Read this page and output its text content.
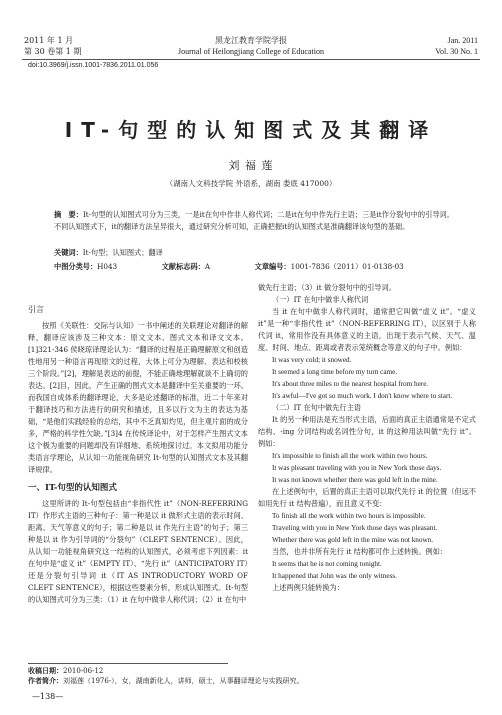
2011 年 1 月
第 30 卷第 1 期
黑龙江教育学院学报
Journal of Heilongjiang College of Education
Jan. 2011
Vol. 30 No. 1
doi:10.3969/j.issn.1001-7836.2011.01.056
IT-句型的认知图式及其翻译
刘 福 莲
（湖南人文科技学院 外语系，湖南 娄底 417000）
摘　要：It-句型的认知图式可分为三类，一是it在句中作非人称代词；二是it在句中作先行主语；三是it作分裂句中的引导词。不同认知图式下，it的翻译方法呈异很大，通过研究分析可知，正确把握it的认知图式是准确翻译该句型的基础。
关键词：It-句型；认知图式；翻译
中图分类号：H043	文献标志码：A	文章编号：1001-7836（2011）01-0138-03
引言

按照《关联性：交际与认知》一书中阐述的关联理论对翻译的解释，翻译应该涉及三种文本：原文文本、图式文本和译文文本。[1]321-346 侯晓琼译理论认为：“翻译的过程是正确理解原文和创造性地用另一种语言再现原文的过程，大体上可分为理解、表达和校核三个阶段。”[2]，理解是表达的前提，不能正确地理解就谈不上确切的表达。[2]目，因此，产生正确的图式文本是翻译中至关重要的一环。而我国自成体系的翻译理论，大多是论述翻译的标准，近二十年来对于翻译技巧和方法进行的研究和描述，且多以行文为主的表达为基础，“是他们实践经验的总结，其中不乏真知灼见，但主观片面的成分多，严格的科学性欠缺。”[3]4 在传统译论中，对于怎样产生图式文本这个极为重要的问题却没有详细地、系统地探讨过。本文拟用功能分类语言学理论，从认知一功能视角研究 It-句型的认知图式文本及其翻译规律。

一、IT-句型的认知图式

这里所讲的 It-句型包括由“非指代性 it”（NON-REFERRING IT）作形式主语的三种句子：第一种是以 it 做形式主语的表示时间、距离、天气等意义的句子；第二种是以 it 作先行主语”的句子；第三种是以 it 作为引导词的“分裂句”（CLEFT SENTENCE）。因此，从认知一功能视角研究这一结构的认知图式，必须考虑下列因素：it 在句中是“虚义 it”（EMPTY IT）、“先行 it”（ANTICIPATORY IT）还是分裂句引导词 it（IT AS INTRODUCTORY WORD OF CLEFT SENTENCE），根据这些要素分析，形成认知图式。It-句型的认知图式可分为三类：（1）it 在句中做非人称代词；（2）it 在句中

做先行主语；（3）it 做分裂句中的引导词。

（一）IT 在句中做非人称代词

当 it 在句中做非人称代词时，通常把它叫做“虚义 it”。“虚义 it”是一种“非指代性 it”（NON-REFERRING IT），以区别于人称代词 it，常用作没有具体意义的主语，出现于表示气候、天气、温度、时间、地点、距离或者表示笼统概念等意义的句子中。例如：

It was very cold; it snowed.

It seemed a long time before my turn came.

It's about three miles to the nearest hospital from here.

It's awful—I've got so much work. I don't know where to start.

（二）IT 在句中做先行主语

It 的另一种用法是充当形式主语，后面的真正主语通常是不定式结构、-ing 分词结构或名词性分句，it 的这种用法叫做“先行 it”。例如：

It's impossible to finish all the work within two hours.

It was pleasant traveling with you in New York those days.

It was not known whether there was gold left in the mine.

在上述例句中，后置的真正主语可以取代先行 it 的位置（但远不如用先行 it 结构普遍），而且意义不变：

To finish all the work within two hours is impossible.

Traveling with you in New York those days was pleasant.

Whether there was gold left in the mine was not known.

当然，也并非所有先行 it 结构都可作上述转换。例如：

It seems that he is not coming tonight.

It happened that John was the only witness.

上述两例只能转换为：

收稿日期：2010-06-12
作者简介：刘福莲（1976-），女，湖南新化人，讲师，硕士，从事翻译理论与实践研究。
—138—
